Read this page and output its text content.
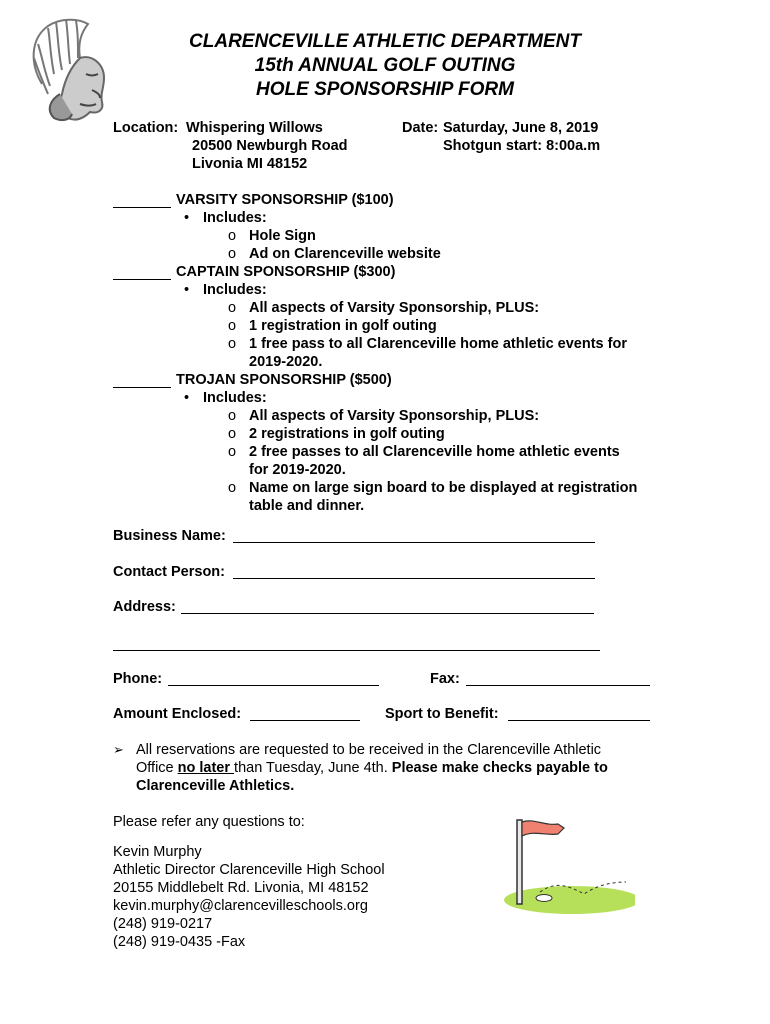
CLARENCEVILLE ATHLETIC DEPARTMENT
15th ANNUAL GOLF OUTING
HOLE SPONSORSHIP FORM
Location: Whispering Willows
20500 Newburgh Road
Livonia MI 48152
Date: Saturday, June 8, 2019
Shotgun start: 8:00a.m
VARSITY SPONSORSHIP ($100)
• Includes:
o Hole Sign
o Ad on Clarenceville website
CAPTAIN SPONSORSHIP ($300)
• Includes:
o All aspects of Varsity Sponsorship, PLUS:
o 1 registration in golf outing
o 1 free pass to all Clarenceville home athletic events for
2019-2020.
TROJAN SPONSORSHIP ($500)
• Includes:
o All aspects of Varsity Sponsorship, PLUS:
o 2 registrations in golf outing
o 2 free passes to all Clarenceville home athletic events
for 2019-2020.
o Name on large sign board to be displayed at registration
table and dinner.
Business Name:
Contact Person:
Address:
Phone:	Fax:
Amount Enclosed:	Sport to Benefit:
➢ All reservations are requested to be received in the Clarenceville Athletic
Office no later than Tuesday, June 4th. Please make checks payable to
Clarenceville Athletics.
Please refer any questions to:
Kevin Murphy
Athletic Director Clarenceville High School
20155 Middlebelt Rd. Livonia, MI 48152
kevin.murphy@clarencevilleschools.org
(248) 919-0217
(248) 919-0435 -Fax
